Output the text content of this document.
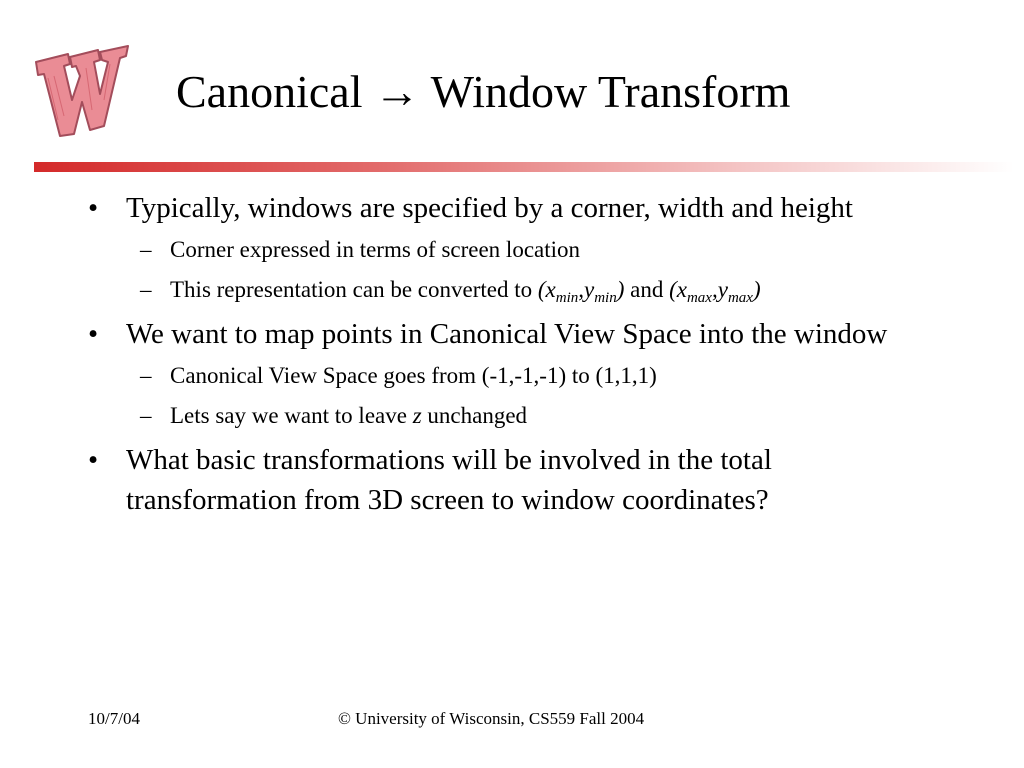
Canonical → Window Transform
• Typically, windows are specified by a corner, width and height
– Corner expressed in terms of screen location
– This representation can be converted to $(x_{min},y_{min})$ and $(x_{max},y_{max})$
• We want to map points in Canonical View Space into the window
– Canonical View Space goes from (-1,-1,-1) to (1,1,1)
– Lets say we want to leave z unchanged
• What basic transformations will be involved in the total transformation from 3D screen to window coordinates?
10/7/04	© University of Wisconsin, CS559 Fall 2004
